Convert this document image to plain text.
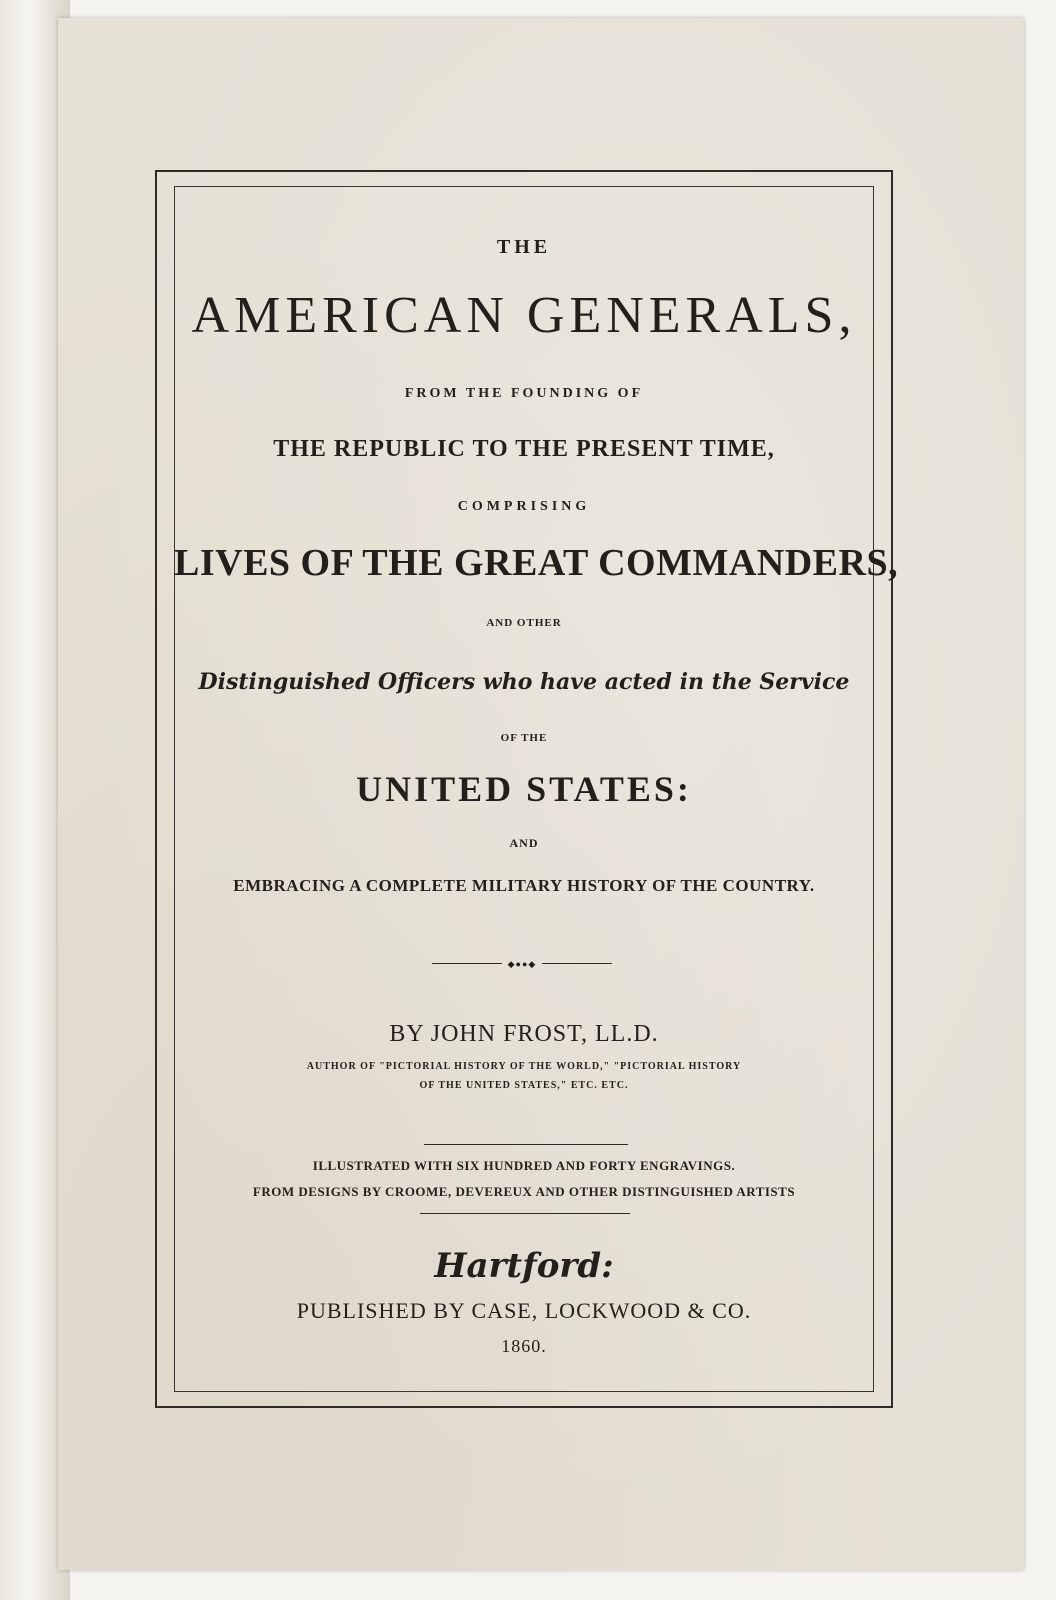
THE
AMERICAN GENERALS,
FROM THE FOUNDING OF
THE REPUBLIC TO THE PRESENT TIME,
COMPRISING
LIVES OF THE GREAT COMMANDERS,
AND OTHER
Distinguished Officers who have acted in the Service
OF THE
UNITED STATES:
AND
EMBRACING A COMPLETE MILITARY HISTORY OF THE COUNTRY.
◆●●◆
BY JOHN FROST, LL.D.
AUTHOR OF "PICTORIAL HISTORY OF THE WORLD," "PICTORIAL HISTORY
OF THE UNITED STATES," ETC. ETC.
ILLUSTRATED WITH SIX HUNDRED AND FORTY ENGRAVINGS.
FROM DESIGNS BY CROOME, DEVEREUX AND OTHER DISTINGUISHED ARTISTS
Hartford:
PUBLISHED BY CASE, LOCKWOOD & CO.
1860.
